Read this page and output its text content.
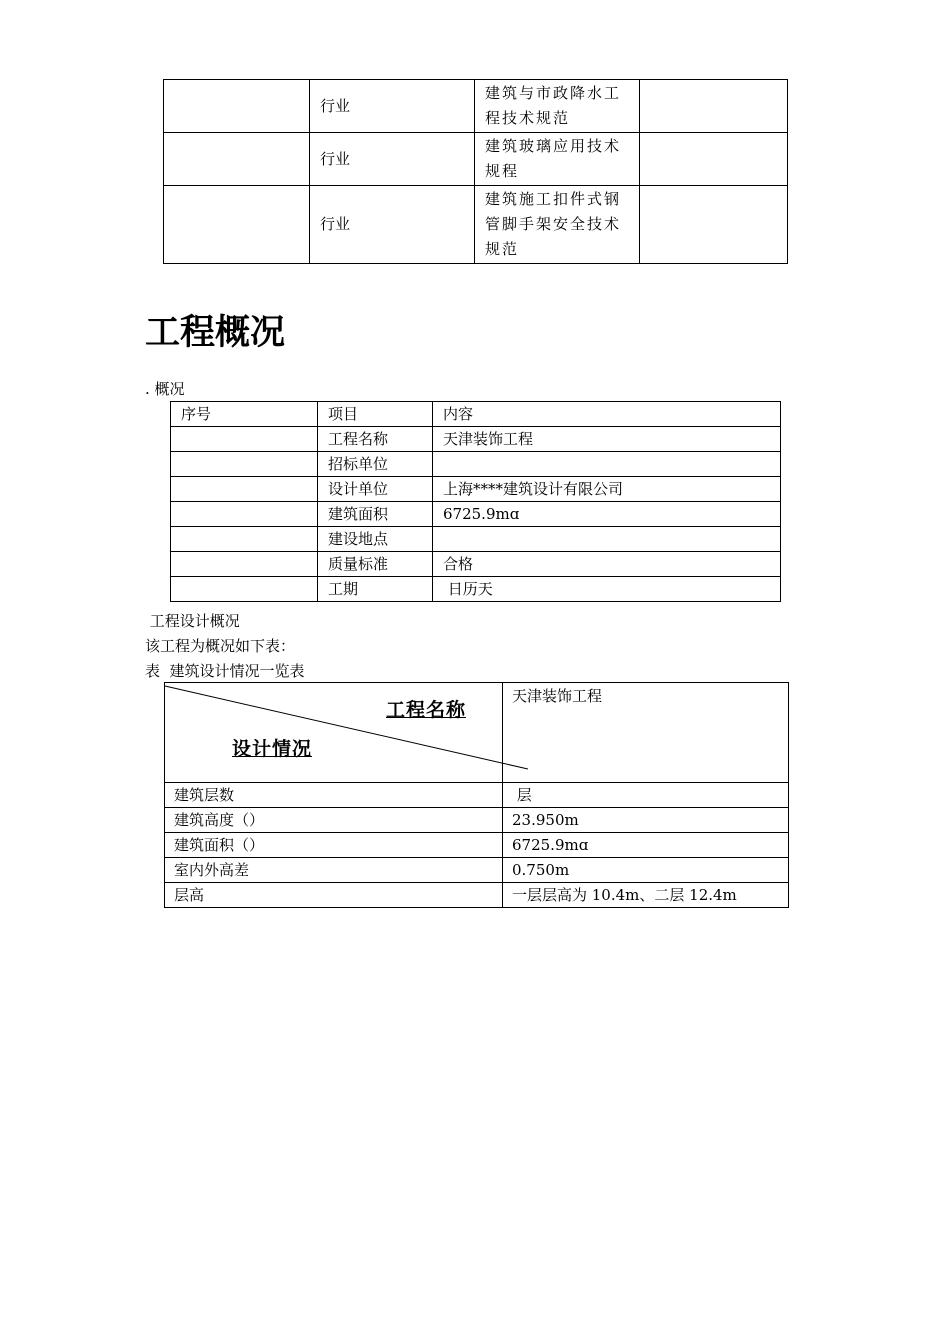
	行业	建筑与市政降水工程技术规范	
	行业	建筑玻璃应用技术规程	
	行业	建筑施工扣件式钢管脚手架安全技术规范	
工程概况

. 概况

序号	项目	内容
	工程名称	天津装饰工程
	招标单位	
	设计单位	上海****建筑设计有限公司
	建筑面积	6725.9mɑ
	建设地点	
	质量标准	合格
	工期	日历天

工程设计概况

该工程为概况如下表：

表  建筑设计情况一览表

工程名称
设计情况	天津装饰工程
建筑层数	层
建筑高度（）	23.950m
建筑面积（）	6725.9mɑ
室内外高差	0.750m
层高	一层层高为 10.4m、二层 12.4m
